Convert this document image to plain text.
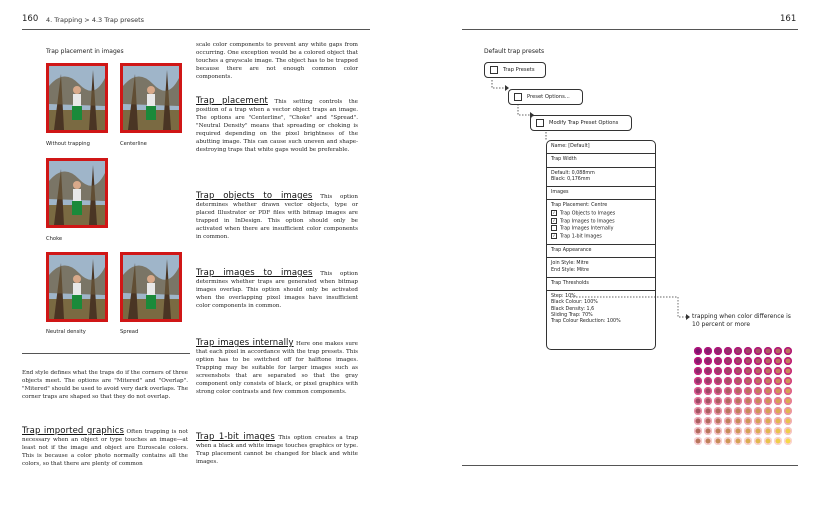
160 4. Trapping > 4.3 Trap presets
Trap placement in images
Without trapping	Centerline
Choke
Neutral density	Spread
End style defines what the traps do if the corners of three objects meet. The options are "Mitered" and "Overlap". "Mitered" should be used to avoid very dark overlaps. The corner traps are shaped so that they do not overlap.
Trap imported graphics Often trapping is not necessary when an object or type touches an image—at least not if the image and object are Euroscale colors. This is because a color photo normally contains all the colors, so that there are plenty of common
scale color components to prevent any white gaps from occurring. One exception would be a colored object that touches a grayscale image. The object has to be trapped because there are not enough common color components.
Trap placement This setting controls the position of a trap when a vector object traps an image. The options are "Centerline", "Choke" and "Spread". "Neutral Density" means that spreading or choking is required depending on the pixel brightness of the abutting image. This can cause such uneven and shape-destroying traps that white gaps would be preferable.
Trap objects to images This option determines whether drawn vector objects, type or placed Illustrator or PDF files with bitmap images are trapped in InDesign. This option should only be activated when there are insufficient color components in common.
Trap images to images This option determines whether traps are generated when bitmap images overlap. This option should only be activated when the overlapping pixel images have insufficient color components in common.
Trap images internally Here one makes sure that each pixel in accordance with the trap presets. This option has to be switched off for halftone images. Trapping may be suitable for larger images such as screenshots that are separated so that the gray component only consists of black, or pixel graphics with strong color contrasts and few common components.
Trap 1-bit images This option creates a trap when a black and white image touches graphics or type. Trap placement cannot be changed for black and white images.
161
Default trap presets
Trap Presets
Preset Options...
Modify Trap Preset Options
Name: [Default]
Trap Width
Default: 0,088mm
Black: 0,176mm
Images
Trap Placement: Centre
✓ Trap Objects to Images
✓ Trap Images to Images
Trap Images Internally
✓ Trap 1-bit Images
Trap Appearance
Join Style: Mitre
End Style: Mitre
Trap Thresholds
Step: 10%
Black Colour: 100%
Black Density: 1,6
Sliding Trap: 70%
Trap Colour Reduction: 100%
trapping when color difference is 10 percent or more
